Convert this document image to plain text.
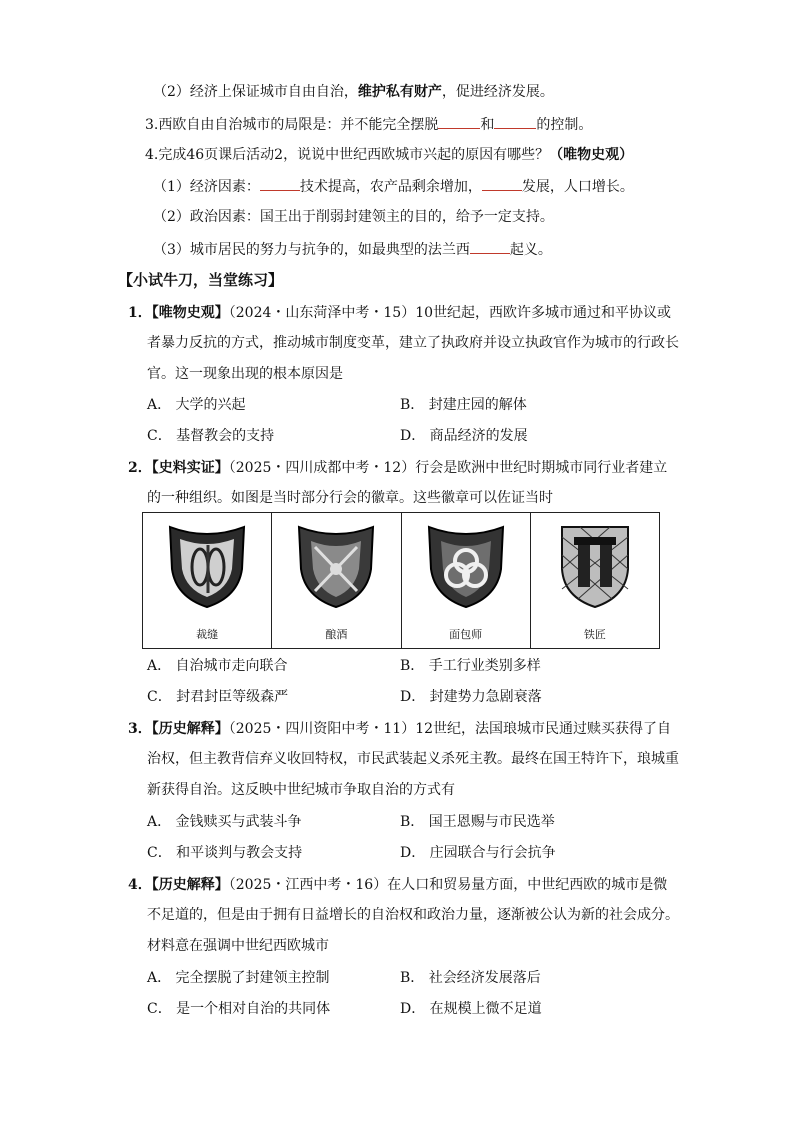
（2）经济上保证城市自由自治，维护私有财产，促进经济发展。
3.西欧自由自治城市的局限是：并不能完全摆脱	和	的控制。
4.完成46页课后活动2，说说中世纪西欧城市兴起的原因有哪些？（唯物史观）
（1）经济因素：	技术提高，农产品剩余增加，	发展，人口增长。
（2）政治因素：国王出于削弱封建领主的目的，给予一定支持。
（3）城市居民的努力与抗争的，如最典型的法兰西	起义。
【小试牛刀，当堂练习】
1．【唯物史观】（2024・山东菏泽中考・15）10世纪起，西欧许多城市通过和平协议或
者暴力反抗的方式，推动城市制度变革，建立了执政府并设立执政官作为城市的行政长
官。这一现象出现的根本原因是
A． 大学的兴起	B． 封建庄园的解体
C． 基督教会的支持	D． 商品经济的发展
2．【史料实证】（2025・四川成都中考・12）行会是欧洲中世纪时期城市同行业者建立
的一种组织。如图是当时部分行会的徽章。这些徽章可以佐证当时
裁缝	酿酒	面包师	铁匠
A． 自治城市走向联合	B． 手工行业类别多样
C． 封君封臣等级森严	D． 封建势力急剧衰落
3．【历史解释】（2025・四川资阳中考・11）12世纪，法国琅城市民通过赎买获得了自
治权，但主教背信弃义收回特权，市民武装起义杀死主教。最终在国王特许下，琅城重
新获得自治。这反映中世纪城市争取自治的方式有
A． 金钱赎买与武装斗争	B． 国王恩赐与市民选举
C． 和平谈判与教会支持	D． 庄园联合与行会抗争
4．【历史解释】（2025・江西中考・16）在人口和贸易量方面，中世纪西欧的城市是微
不足道的，但是由于拥有日益增长的自治权和政治力量，逐渐被公认为新的社会成分。
材料意在强调中世纪西欧城市
A． 完全摆脱了封建领主控制	B． 社会经济发展落后
C． 是一个相对自治的共同体	D． 在规模上微不足道
